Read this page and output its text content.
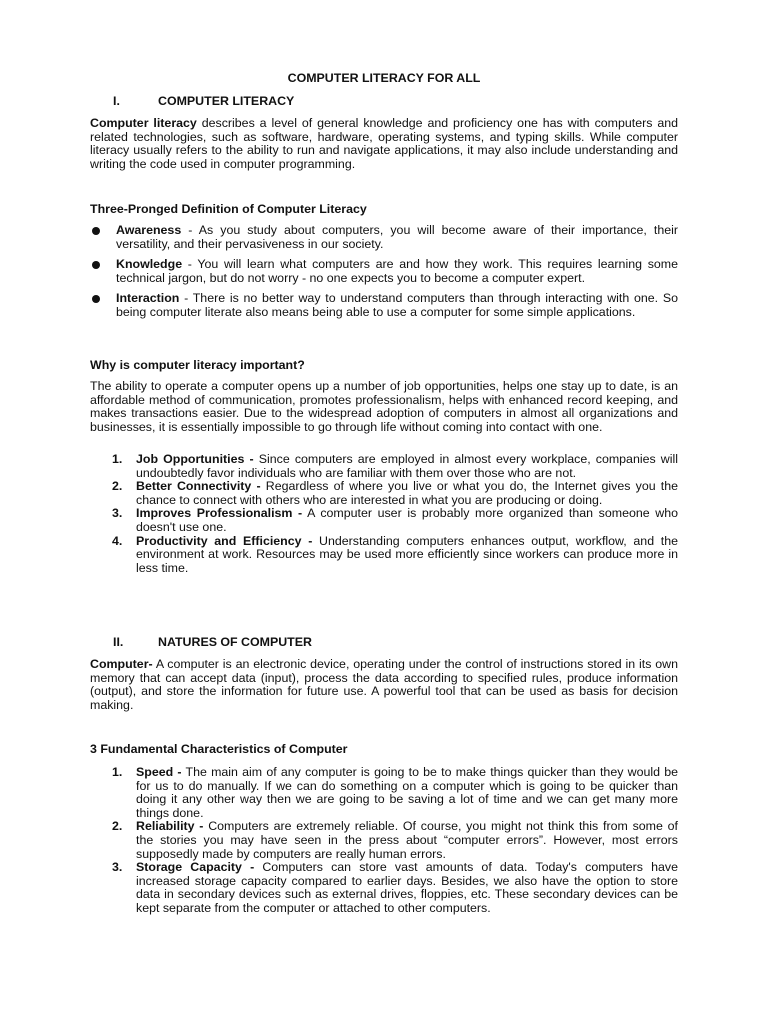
COMPUTER LITERACY FOR ALL

I.	COMPUTER LITERACY

Computer literacy describes a level of general knowledge and proficiency one has with computers and related technologies, such as software, hardware, operating systems, and typing skills. While computer literacy usually refers to the ability to run and navigate applications, it may also include understanding and writing the code used in computer programming.

Three-Pronged Definition of Computer Literacy

Awareness - As you study about computers, you will become aware of their importance, their versatility, and their pervasiveness in our society.
Knowledge - You will learn what computers are and how they work. This requires learning some technical jargon, but do not worry - no one expects you to become a computer expert.
Interaction - There is no better way to understand computers than through interacting with one. So being computer literate also means being able to use a computer for some simple applications.

Why is computer literacy important?

The ability to operate a computer opens up a number of job opportunities, helps one stay up to date, is an affordable method of communication, promotes professionalism, helps with enhanced record keeping, and makes transactions easier. Due to the widespread adoption of computers in almost all organizations and businesses, it is essentially impossible to go through life without coming into contact with one.

1. Job Opportunities - Since computers are employed in almost every workplace, companies will undoubtedly favor individuals who are familiar with them over those who are not.
2. Better Connectivity - Regardless of where you live or what you do, the Internet gives you the chance to connect with others who are interested in what you are producing or doing.
3. Improves Professionalism - A computer user is probably more organized than someone who doesn't use one.
4. Productivity and Efficiency - Understanding computers enhances output, workflow, and the environment at work. Resources may be used more efficiently since workers can produce more in less time.

II.	NATURES OF COMPUTER

Computer- A computer is an electronic device, operating under the control of instructions stored in its own memory that can accept data (input), process the data according to specified rules, produce information (output), and store the information for future use. A powerful tool that can be used as basis for decision making.

3 Fundamental Characteristics of Computer

1. Speed - The main aim of any computer is going to be to make things quicker than they would be for us to do manually. If we can do something on a computer which is going to be quicker than doing it any other way then we are going to be saving a lot of time and we can get many more things done.
2. Reliability - Computers are extremely reliable. Of course, you might not think this from some of the stories you may have seen in the press about “computer errors”. However, most errors supposedly made by computers are really human errors.
3. Storage Capacity - Computers can store vast amounts of data. Today's computers have increased storage capacity compared to earlier days. Besides, we also have the option to store data in secondary devices such as external drives, floppies, etc. These secondary devices can be kept separate from the computer or attached to other computers.
